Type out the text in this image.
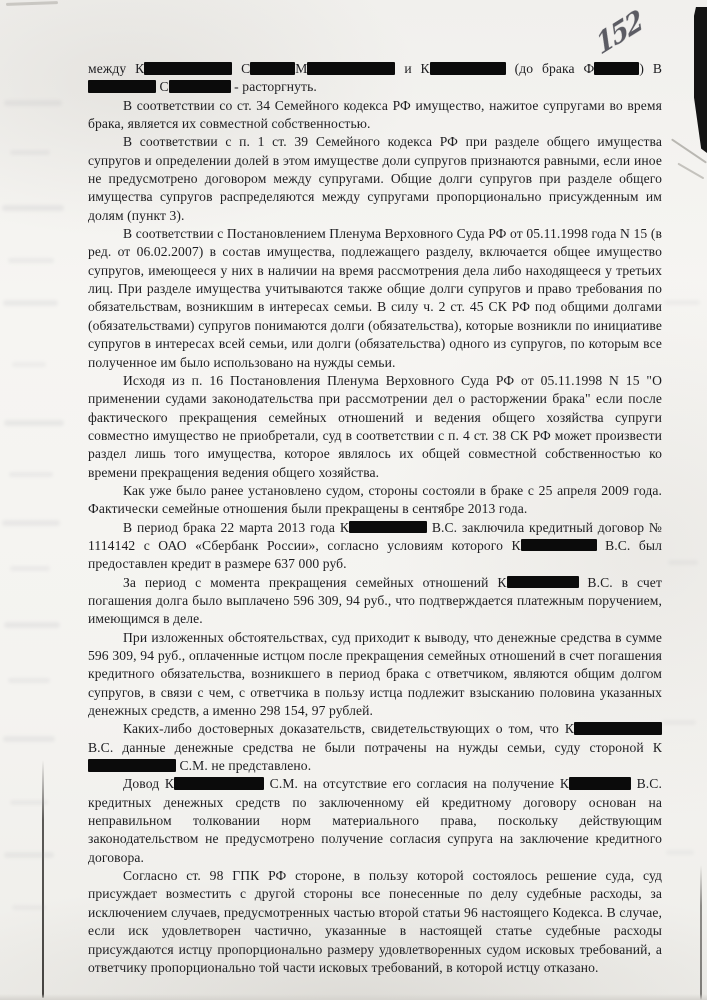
152

между К	С	М	и К	(до брака Ф	) В С	- расторгнуть.

В соответствии со ст. 34 Семейного кодекса РФ имущество, нажитое супругами во время брака, является их совместной собственностью.

В соответствии с п. 1 ст. 39 Семейного кодекса РФ при разделе общего имущества супругов и определении долей в этом имуществе доли супругов признаются равными, если иное не предусмотрено договором между супругами. Общие долги супругов при разделе общего имущества супругов распределяются между супругами пропорционально присужденным им долям (пункт 3).

В соответствии с Постановлением Пленума Верховного Суда РФ от 05.11.1998 года N 15 (в ред. от 06.02.2007) в состав имущества, подлежащего разделу, включается общее имущество супругов, имеющееся у них в наличии на время рассмотрения дела либо находящееся у третьих лиц. При разделе имущества учитываются также общие долги супругов и право требования по обязательствам, возникшим в интересах семьи. В силу ч. 2 ст. 45 СК РФ под общими долгами (обязательствами) супругов понимаются долги (обязательства), которые возникли по инициативе супругов в интересах всей семьи, или долги (обязательства) одного из супругов, по которым все полученное им было использовано на нужды семьи.

Исходя из п. 16 Постановления Пленума Верховного Суда РФ от 05.11.1998 N 15 "О применении судами законодательства при рассмотрении дел о расторжении брака" если после фактического прекращения семейных отношений и ведения общего хозяйства супруги совместно имущество не приобретали, суд в соответствии с п. 4 ст. 38 СК РФ может произвести раздел лишь того имущества, которое являлось их общей совместной собственностью ко времени прекращения ведения общего хозяйства.

Как уже было ранее установлено судом, стороны состояли в браке с 25 апреля 2009 года. Фактически семейные отношения были прекращены в сентябре 2013 года.

В период брака 22 марта 2013 года К	В.С. заключила кредитный договор № 1114142 с ОАО «Сбербанк России», согласно условиям которого К	В.С. был предоставлен кредит в размере 637 000 руб.

За период с момента прекращения семейных отношений К	В.С. в счет погашения долга было выплачено 596 309, 94 руб., что подтверждается платежным поручением, имеющимся в деле.

При изложенных обстоятельствах, суд приходит к выводу, что денежные средства в сумме 596 309, 94 руб., оплаченные истцом после прекращения семейных отношений в счет погашения кредитного обязательства, возникшего в период брака с ответчиком, являются общим долгом супругов, в связи с чем, с ответчика в пользу истца подлежит взысканию половина указанных денежных средств, а именно 298 154, 97 рублей.

Каких-либо достоверных доказательств, свидетельствующих о том, что К В.С. данные денежные средства не были потрачены на нужды семьи, суду стороной К С.М. не представлено.

Довод К	С.М. на отсутствие его согласия на получение К	В.С. кредитных денежных средств по заключенному ей кредитному договору основан на неправильном толковании норм материального права, поскольку действующим законодательством не предусмотрено получение согласия супруга на заключение кредитного договора.

Согласно ст. 98 ГПК РФ стороне, в пользу которой состоялось решение суда, суд присуждает возместить с другой стороны все понесенные по делу судебные расходы, за исключением случаев, предусмотренных частью второй статьи 96 настоящего Кодекса. В случае, если иск удовлетворен частично, указанные в настоящей статье судебные расходы присуждаются истцу пропорционально размеру удовлетворенных судом исковых требований, а ответчику пропорционально той части исковых требований, в которой истцу отказано.
